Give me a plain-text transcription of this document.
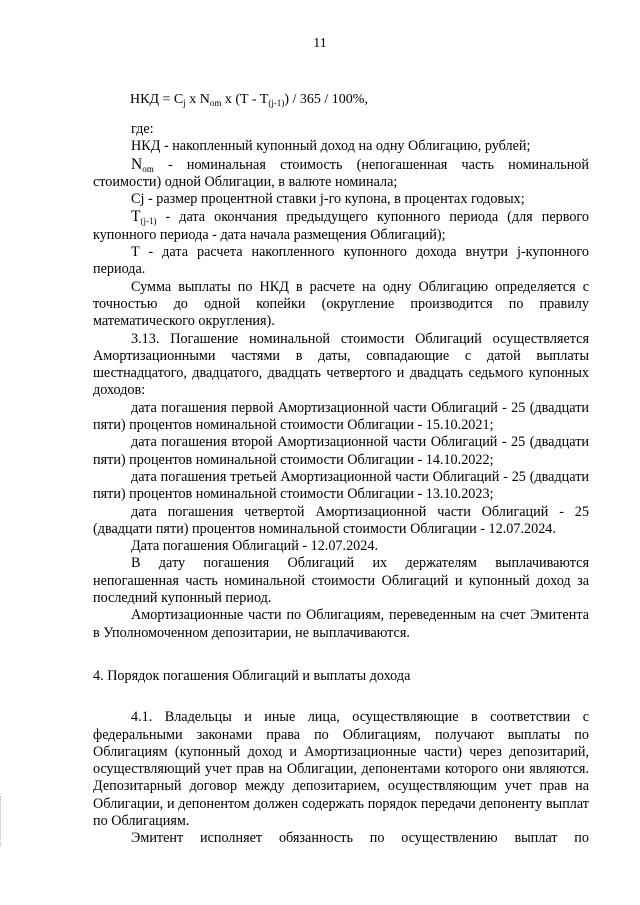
11
НКД = $C_j$ x $N_{om}$ x $(T - T_{(j-1)}) / 365 / 100\%$,

где:

НКД - накопленный купонный доход на одну Облигацию, рублей;

$N_{om}$ - номинальная стоимость (непогашенная часть номинальной стоимости) одной Облигации, в валюте номинала;

Cj - размер процентной ставки j-го купона, в процентах годовых;

$T_{(j-1)}$ - дата окончания предыдущего купонного периода (для первого купонного периода - дата начала размещения Облигаций);

T - дата расчета накопленного купонного дохода внутри j-купонного периода.

Сумма выплаты по НКД в расчете на одну Облигацию определяется с точностью до одной копейки (округление производится по правилу математического округления).

3.13. Погашение номинальной стоимости Облигаций осуществляется Амортизационными частями в даты, совпадающие с датой выплаты шестнадцатого, двадцатого, двадцать четвертого и двадцать седьмого купонных доходов:

дата погашения первой Амортизационной части Облигаций - 25 (двадцати пяти) процентов номинальной стоимости Облигации - 15.10.2021;

дата погашения второй Амортизационной части Облигаций - 25 (двадцати пяти) процентов номинальной стоимости Облигации - 14.10.2022;

дата погашения третьей Амортизационной части Облигаций - 25 (двадцати пяти) процентов номинальной стоимости Облигации - 13.10.2023;

дата погашения четвертой Амортизационной части Облигаций - 25 (двадцати пяти) процентов номинальной стоимости Облигации - 12.07.2024.

Дата погашения Облигаций - 12.07.2024.

В дату погашения Облигаций их держателям выплачиваются непогашенная часть номинальной стоимости Облигаций и купонный доход за последний купонный период.

Амортизационные части по Облигациям, переведенным на счет Эмитента в Уполномоченном депозитарии, не выплачиваются.

4. Порядок погашения Облигаций и выплаты дохода

4.1. Владельцы и иные лица, осуществляющие в соответствии с федеральными законами права по Облигациям, получают выплаты по Облигациям (купонный доход и Амортизационные части) через депозитарий, осуществляющий учет прав на Облигации, депонентами которого они являются. Депозитарный договор между депозитарием, осуществляющим учет прав на Облигации, и депонентом должен содержать порядок передачи депоненту выплат по Облигациям.

Эмитент исполняет обязанность по осуществлению выплат по
